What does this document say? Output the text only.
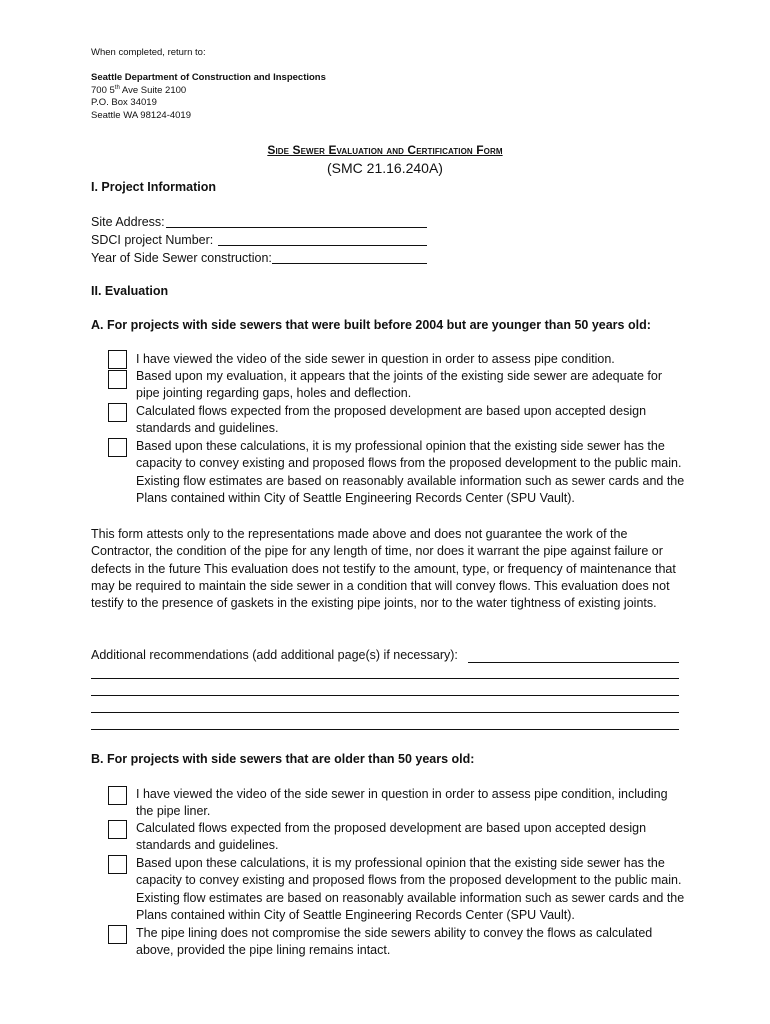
When completed, return to:
Seattle Department of Construction and Inspections
700 5th Ave Suite 2100
P.O. Box 34019
Seattle WA 98124-4019
Side Sewer Evaluation and Certification Form
(SMC 21.16.240A)
I. Project Information
Site Address:
SDCI project Number:
Year of Side Sewer construction:
II. Evaluation
A. For projects with side sewers that were built before 2004 but are younger than 50 years old:
I have viewed the video of the side sewer in question in order to assess pipe condition.
Based upon my evaluation, it appears that the joints of the existing side sewer are adequate for pipe jointing regarding gaps, holes and deflection.
Calculated flows expected from the proposed development are based upon accepted design standards and guidelines.
Based upon these calculations, it is my professional opinion that the existing side sewer has the capacity to convey existing and proposed flows from the proposed development to the public main. Existing flow estimates are based on reasonably available information such as sewer cards and the Plans contained within City of Seattle Engineering Records Center (SPU Vault).
This form attests only to the representations made above and does not guarantee the work of the Contractor, the condition of the pipe for any length of time, nor does it warrant the pipe against failure or defects in the future This evaluation does not testify to the amount, type, or frequency of maintenance that may be required to maintain the side sewer in a condition that will convey flows. This evaluation does not testify to the presence of gaskets in the existing pipe joints, nor to the water tightness of existing joints.
Additional recommendations (add additional page(s) if necessary):
B. For projects with side sewers that are older than 50 years old:
I have viewed the video of the side sewer in question in order to assess pipe condition, including the pipe liner.
Calculated flows expected from the proposed development are based upon accepted design standards and guidelines.
Based upon these calculations, it is my professional opinion that the existing side sewer has the capacity to convey existing and proposed flows from the proposed development to the public main. Existing flow estimates are based on reasonably available information such as sewer cards and the Plans contained within City of Seattle Engineering Records Center (SPU Vault).
The pipe lining does not compromise the side sewers ability to convey the flows as calculated above, provided the pipe lining remains intact.
